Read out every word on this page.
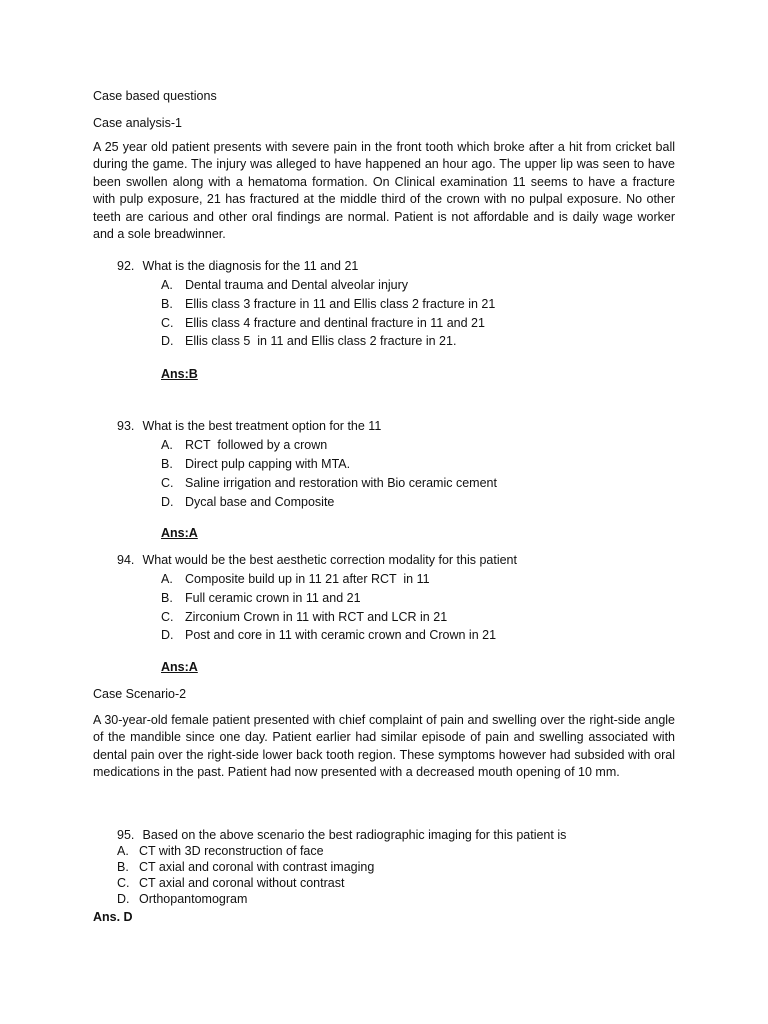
Case based questions
Case analysis-1
A 25 year old patient presents with severe pain in the front tooth which broke after a hit from cricket ball during the game. The injury was alleged to have happened an hour ago. The upper lip was seen to have been swollen along with a hematoma formation. On Clinical examination 11 seems to have a fracture with pulp exposure, 21 has fractured at the middle third of the crown with no pulpal exposure. No other teeth are carious and other oral findings are normal. Patient is not affordable and is daily wage worker and a sole breadwinner.
92. What is the diagnosis for the 11 and 21
A. Dental trauma and Dental alveolar injury
B. Ellis class 3 fracture in 11 and Ellis class 2 fracture in 21
C. Ellis class 4 fracture and dentinal fracture in 11 and 21
D. Ellis class 5  in 11 and Ellis class 2 fracture in 21.
Ans:B
93. What is the best treatment option for the 11
A. RCT  followed by a crown
B. Direct pulp capping with MTA.
C. Saline irrigation and restoration with Bio ceramic cement
D. Dycal base and Composite
Ans:A
94. What would be the best aesthetic correction modality for this patient
A. Composite build up in 11 21 after RCT  in 11
B. Full ceramic crown in 11 and 21
C. Zirconium Crown in 11 with RCT and LCR in 21
D. Post and core in 11 with ceramic crown and Crown in 21
Ans:A
Case Scenario-2
A 30-year-old female patient presented with chief complaint of pain and swelling over the right-side angle of the mandible since one day. Patient earlier had similar episode of pain and swelling associated with dental pain over the right-side lower back tooth region. These symptoms however had subsided with oral medications in the past. Patient had now presented with a decreased mouth opening of 10 mm.
95. Based on the above scenario the best radiographic imaging for this patient is
A. CT with 3D reconstruction of face
B. CT axial and coronal with contrast imaging
C. CT axial and coronal without contrast
D. Orthopantomogram
Ans. D
